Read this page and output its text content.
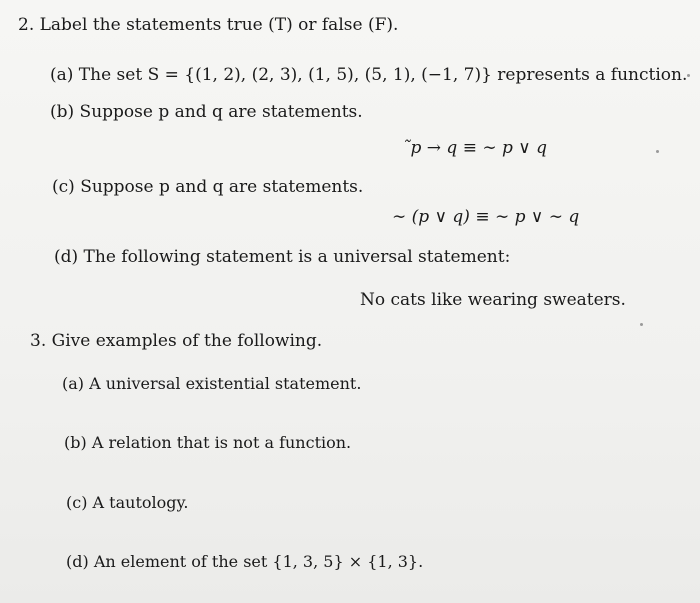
2. Label the statements true (T) or false (F).
(a) The set S = {(1, 2), (2, 3), (1, 5), (5, 1), (−1, 7)} represents a function.
(b) Suppose p and q are statements.
˜p → q ≡ ∼ p ∨ q
(c) Suppose p and q are statements.
∼ (p ∨ q) ≡ ∼ p ∨ ∼ q
(d) The following statement is a universal statement:
No cats like wearing sweaters.
3. Give examples of the following.
(a) A universal existential statement.
(b) A relation that is not a function.
(c) A tautology.
(d) An element of the set {1, 3, 5} × {1, 3}.
